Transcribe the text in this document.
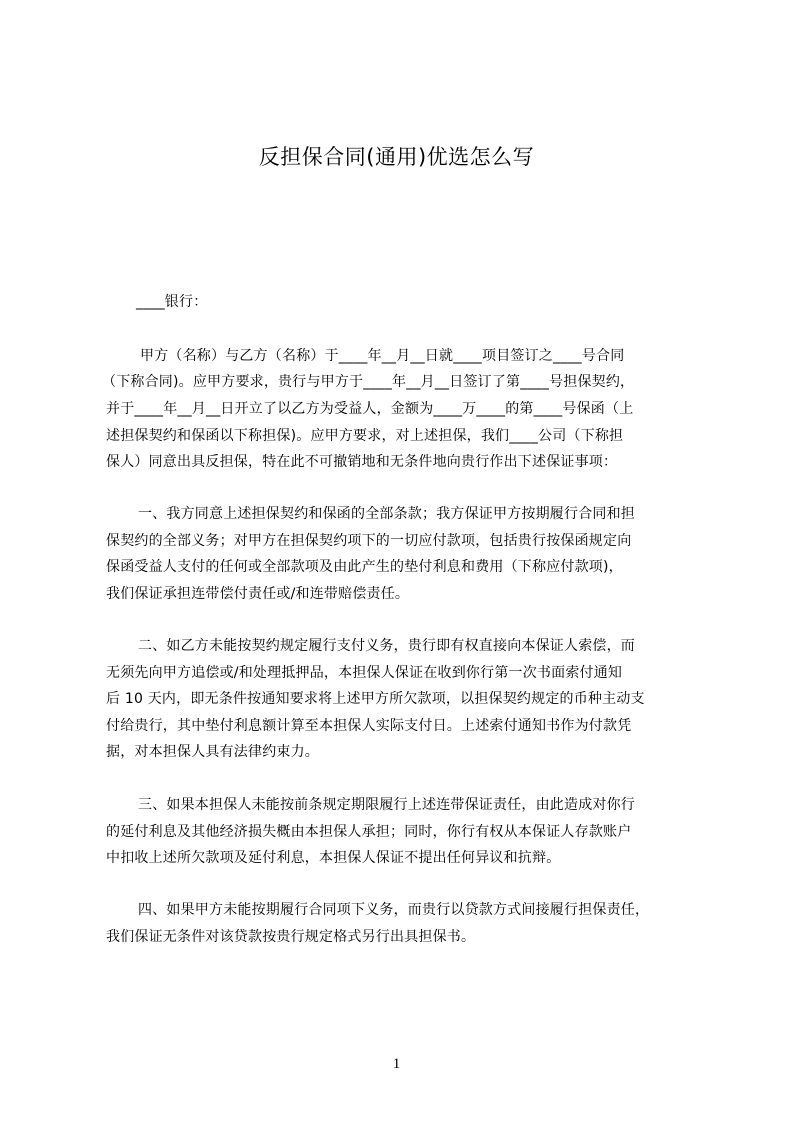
反担保合同(通用)优选怎么写
____银行：
甲方（名称）与乙方（名称）于____年__月__日就____项目签订之____号合同
（下称合同)。应甲方要求，贵行与甲方于____年__月__日签订了第____号担保契约，
并于____年__月__日开立了以乙方为受益人，金额为____万____的第____号保函（上
述担保契约和保函以下称担保)。应甲方要求，对上述担保，我们____公司（下称担
保人）同意出具反担保，特在此不可撤销地和无条件地向贵行作出下述保证事项：
一、我方同意上述担保契约和保函的全部条款；我方保证甲方按期履行合同和担
保契约的全部义务；对甲方在担保契约项下的一切应付款项，包括贵行按保函规定向
保函受益人支付的任何或全部款项及由此产生的垫付利息和费用（下称应付款项)，
我们保证承担连带偿付责任或/和连带赔偿责任。
二、如乙方未能按契约规定履行支付义务，贵行即有权直接向本保证人索偿，而
无须先向甲方追偿或/和处理抵押品，本担保人保证在收到你行第一次书面索付通知
后 10 天内，即无条件按通知要求将上述甲方所欠款项，以担保契约规定的币种主动支
付给贵行，其中垫付利息额计算至本担保人实际支付日。上述索付通知书作为付款凭
据，对本担保人具有法律约束力。
三、如果本担保人未能按前条规定期限履行上述连带保证责任，由此造成对你行
的延付利息及其他经济损失概由本担保人承担；同时，你行有权从本保证人存款账户
中扣收上述所欠款项及延付利息，本担保人保证不提出任何异议和抗辩。
四、如果甲方未能按期履行合同项下义务，而贵行以贷款方式间接履行担保责任，
我们保证无条件对该贷款按贵行规定格式另行出具担保书。
1
